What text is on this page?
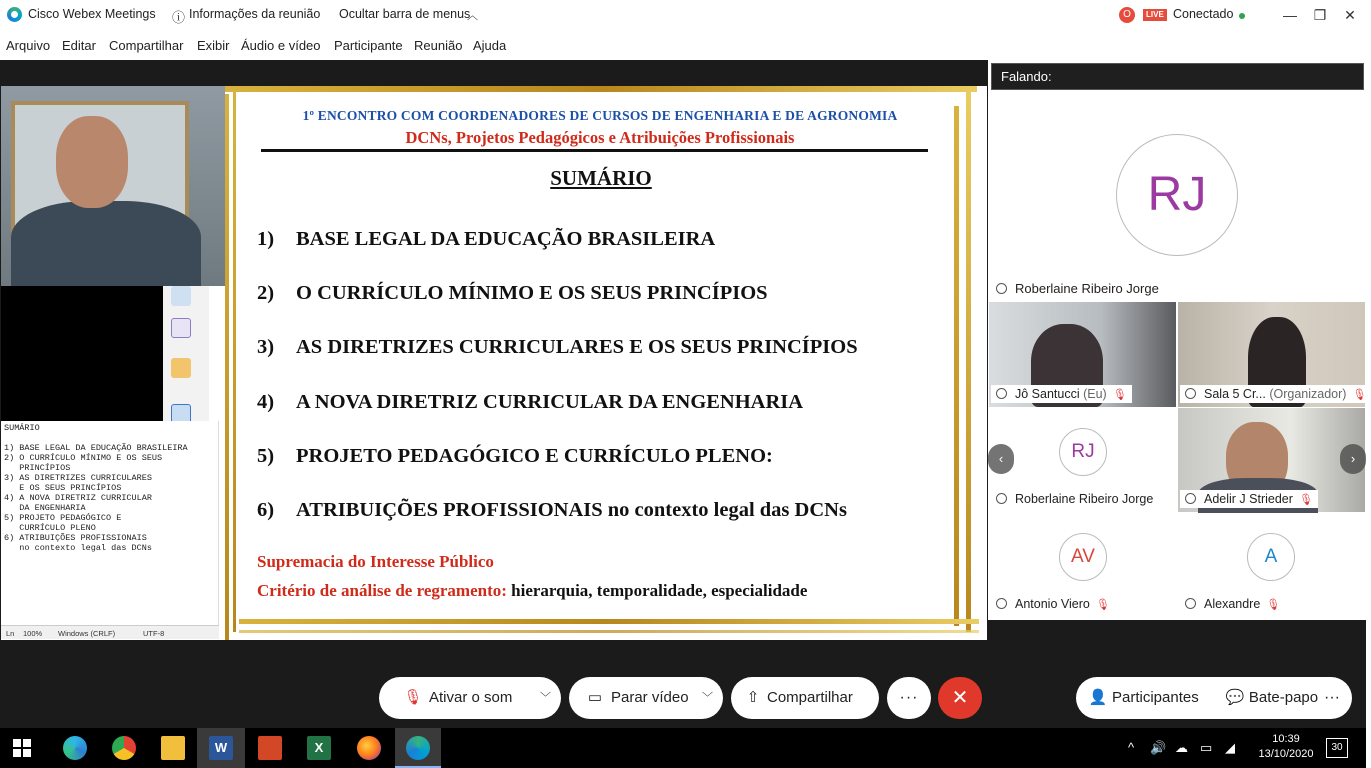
Cisco Webex Meetings ⓘ Informações da reunião Ocultar barra de menus
︿	O	LIVE Conectado	—	❐	✕
Arquivo Editar Compartilhar Exibir Áudio e vídeo Participante Reunião Ajuda
SUMÁRIO

1) BASE LEGAL DA EDUCAÇÃO BRASILEIRA
2) O CURRÍCULO MÍNIMO E OS SEUS
PRINCÍPIOS
3) AS DIRETRIZES CURRICULARES
E OS SEUS PRINCÍPIOS
4) A NOVA DIRETRIZ CURRICULAR
DA ENGENHARIA
5) PROJETO PEDAGÓGICO E
CURRÍCULO PLENO
6) ATRIBUIÇÕES PROFISSIONAIS
no contexto legal das DCNs
Ln 100% Windows (CRLF)	UTF-8
1º ENCONTRO COM COORDENADORES DE CURSOS DE ENGENHARIA E DE AGRONOMIA
DCNs, Projetos Pedagógicos e Atribuições Profissionais
SUMÁRIO
1) BASE LEGAL DA EDUCAÇÃO BRASILEIRA
2) O CURRÍCULO MÍNIMO E OS SEUS PRINCÍPIOS
3) AS DIRETRIZES CURRICULARES E OS SEUS PRINCÍPIOS
4) A NOVA DIRETRIZ CURRICULAR DA ENGENHARIA
5) PROJETO PEDAGÓGICO E CURRÍCULO PLENO:
6) ATRIBUIÇÕES PROFISSIONAIS no contexto legal das DCNs
Supremacia do Interesse Público
Critério de análise de regramento: hierarquia, temporalidade, especialidade
Falando:
RJ
Roberlaine Ribeiro Jorge
Jô Santucci (Eu) 🎙	Sala 5 Cr... (Organizador) 🎙
RJ
Roberlaine Ribeiro Jorge	Adelir J Strieder 🎙
AV
Antonio Viero 🎙
A
Alexandre 🎙
‹	›
🎙 Ativar o som	﹀	▭ Parar vídeo ﹀	⇧ Compartilhar	···	✕	👤 Participantes 💬 Bate-papo ···
W	X	^ 🔊 ☁ ▭ ◢
10:39
13/10/2020
30
